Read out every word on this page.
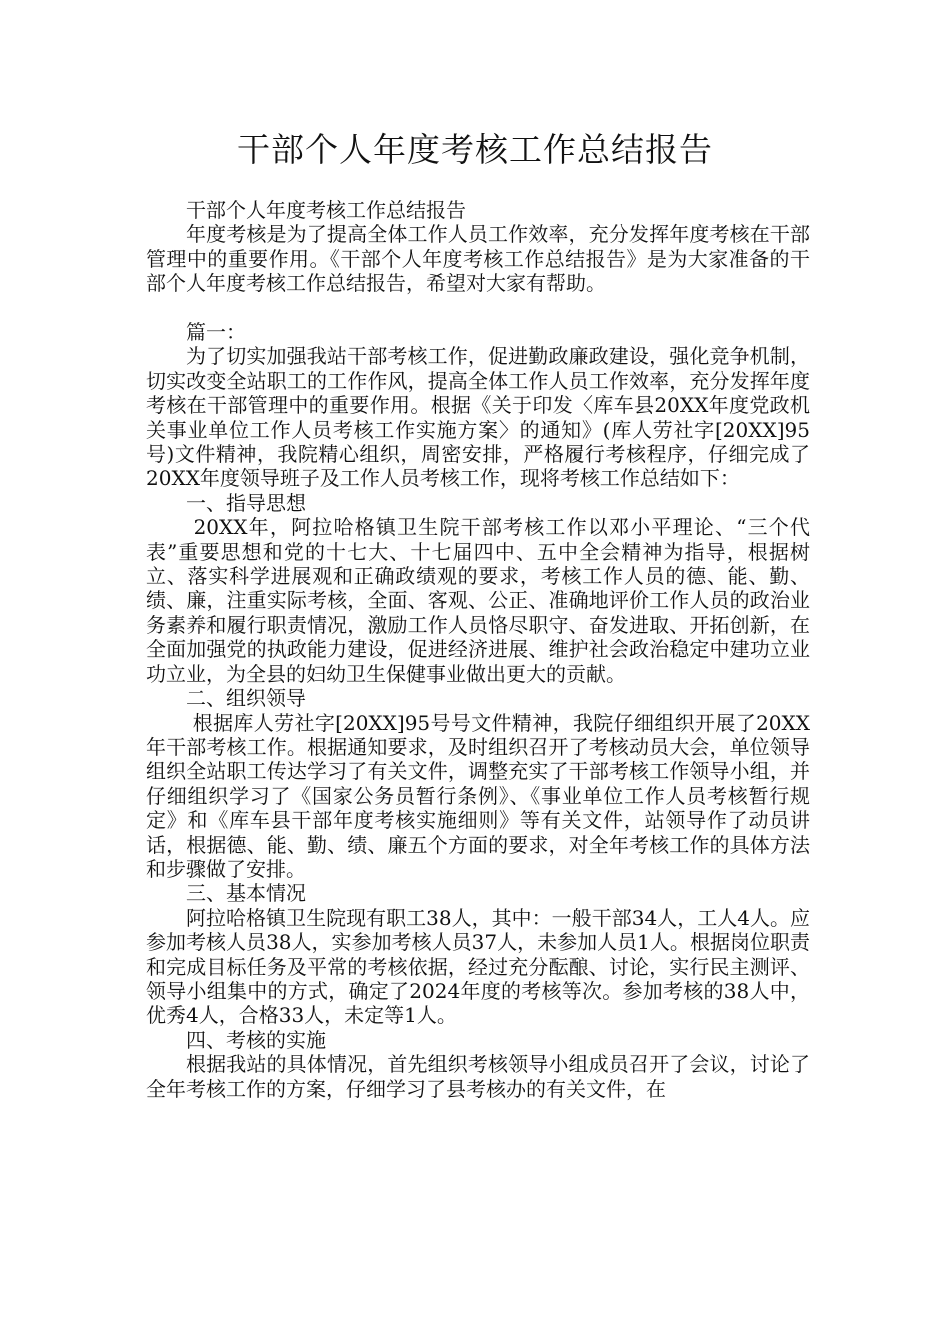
干部个人年度考核工作总结报告

干部个人年度考核工作总结报告

年度考核是为了提高全体工作人员工作效率，充分发挥年度考核在干部管理中的重要作用。《干部个人年度考核工作总结报告》是为大家准备的干部个人年度考核工作总结报告，希望对大家有帮助。

篇一：

为了切实加强我站干部考核工作，促进勤政廉政建设，强化竞争机制，切实改变全站职工的工作作风，提高全体工作人员工作效率，充分发挥年度考核在干部管理中的重要作用。根据《关于印发〈库车县20XX年度党政机关事业单位工作人员考核工作实施方案〉的通知》(库人劳社字[20XX]95号)文件精神，我院精心组织，周密安排，严格履行考核程序，仔细完成了20XX年度领导班子及工作人员考核工作，现将考核工作总结如下：

一、指导思想

20XX年，阿拉哈格镇卫生院干部考核工作以邓小平理论、“三个代表”重要思想和党的十七大、十七届四中、五中全会精神为指导，根据树立、落实科学进展观和正确政绩观的要求，考核工作人员的德、能、勤、绩、廉，注重实际考核，全面、客观、公正、准确地评价工作人员的政治业务素养和履行职责情况，激励工作人员恪尽职守、奋发进取、开拓创新，在全面加强党的执政能力建设，促进经济进展、维护社会政治稳定中建功立业功立业，为全县的妇幼卫生保健事业做出更大的贡献。

二、组织领导

根据库人劳社字[20XX]95号号文件精神，我院仔细组织开展了20XX年干部考核工作。根据通知要求，及时组织召开了考核动员大会，单位领导组织全站职工传达学习了有关文件，调整充实了干部考核工作领导小组，并仔细组织学习了《国家公务员暂行条例》、《事业单位工作人员考核暂行规定》和《库车县干部年度考核实施细则》等有关文件，站领导作了动员讲话，根据德、能、勤、绩、廉五个方面的要求，对全年考核工作的具体方法和步骤做了安排。

三、基本情况

阿拉哈格镇卫生院现有职工38人，其中：一般干部34人，工人4人。应参加考核人员38人，实参加考核人员37人，未参加人员1人。根据岗位职责和完成目标任务及平常的考核依据，经过充分酝酿、讨论，实行民主测评、领导小组集中的方式，确定了2024年度的考核等次。参加考核的38人中，优秀4人，合格33人，未定等1人。

四、考核的实施

根据我站的具体情况，首先组织考核领导小组成员召开了会议，讨论了全年考核工作的方案，仔细学习了县考核办的有关文件，在
